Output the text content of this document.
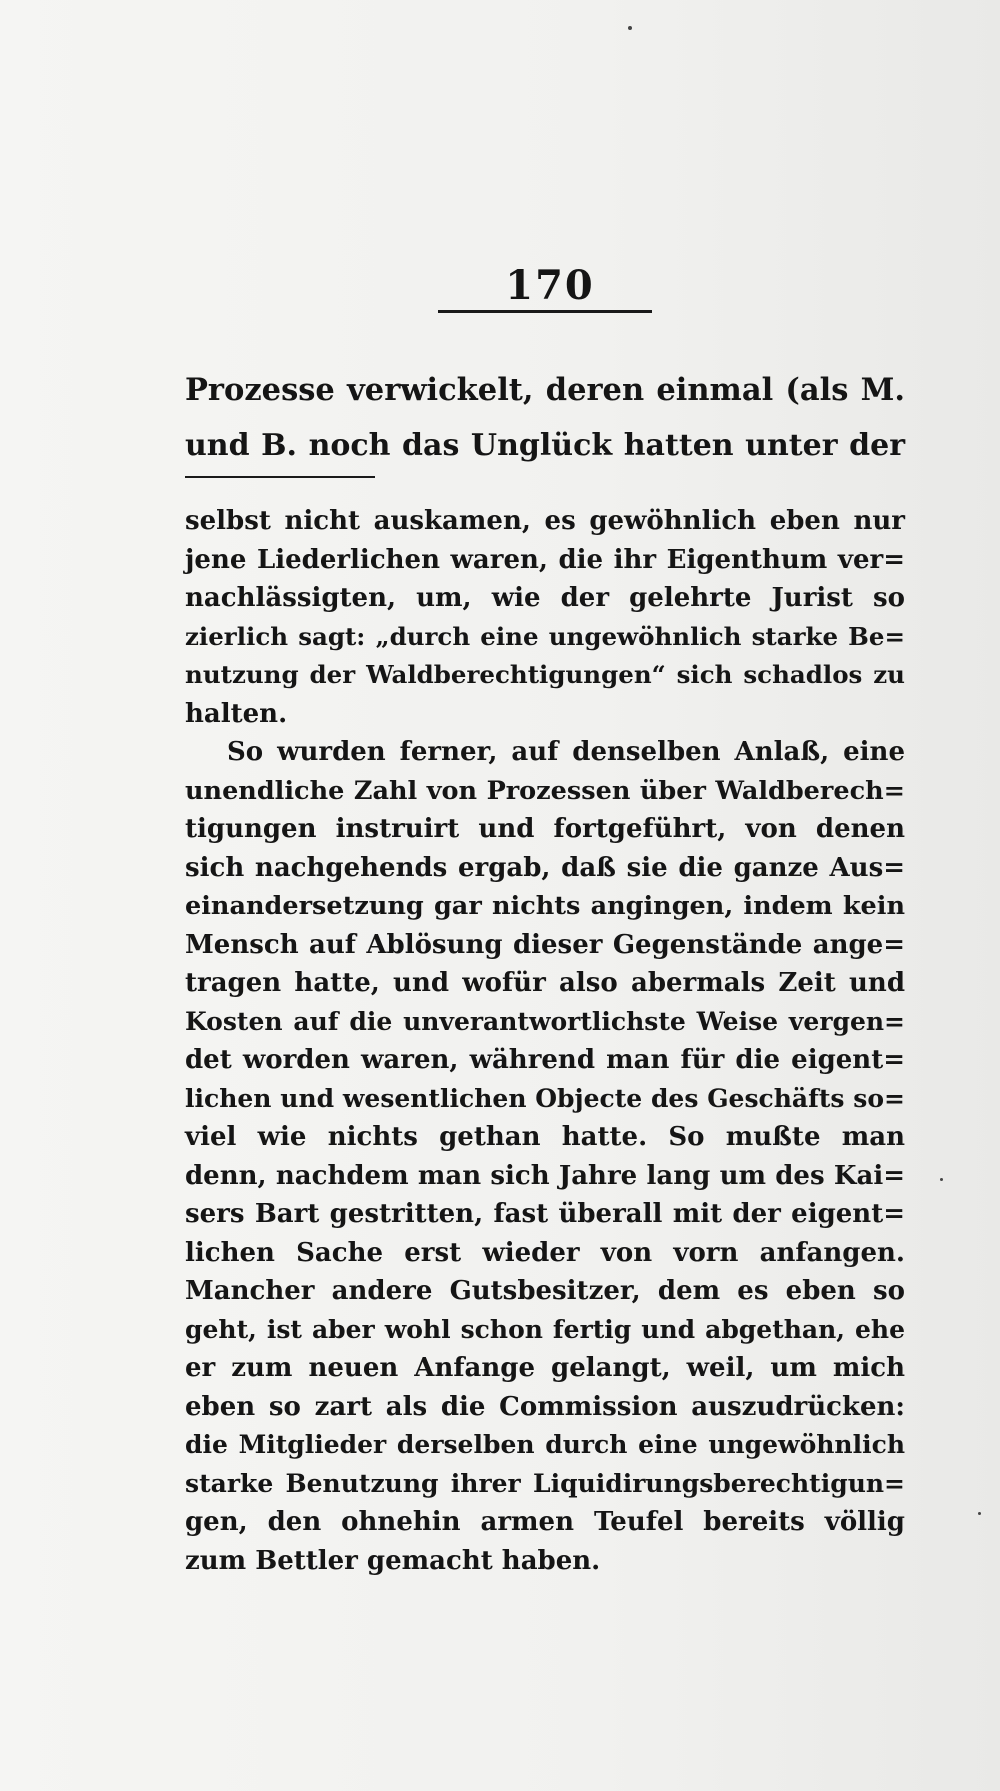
170

Prozesse verwickelt, deren einmal (als M.

und B. noch das Unglück hatten unter der

selbst nicht auskamen, es gewöhnlich eben nur

jene Liederlichen waren, die ihr Eigenthum ver=

nachlässigten, um, wie der gelehrte Jurist so

zierlich sagt: „durch eine ungewöhnlich starke Be=

nutzung der Waldberechtigungen“ sich schadlos zu

halten.

So wurden ferner, auf denselben Anlaß, eine

unendliche Zahl von Prozessen über Waldberech=

tigungen instruirt und fortgeführt, von denen

sich nachgehends ergab, daß sie die ganze Aus=

einandersetzung gar nichts angingen, indem kein

Mensch auf Ablösung dieser Gegenstände ange=

tragen hatte, und wofür also abermals Zeit und

Kosten auf die unverantwortlichste Weise vergen=

det worden waren, während man für die eigent=

lichen und wesentlichen Objecte des Geschäfts so=

viel wie nichts gethan hatte. So mußte man

denn, nachdem man sich Jahre lang um des Kai=

sers Bart gestritten, fast überall mit der eigent=

lichen Sache erst wieder von vorn anfangen.

Mancher andere Gutsbesitzer, dem es eben so

geht, ist aber wohl schon fertig und abgethan, ehe

er zum neuen Anfange gelangt, weil, um mich

eben so zart als die Commission auszudrücken:

die Mitglieder derselben durch eine ungewöhnlich

starke Benutzung ihrer Liquidirungsberechtigun=

gen, den ohnehin armen Teufel bereits völlig

zum Bettler gemacht haben.
